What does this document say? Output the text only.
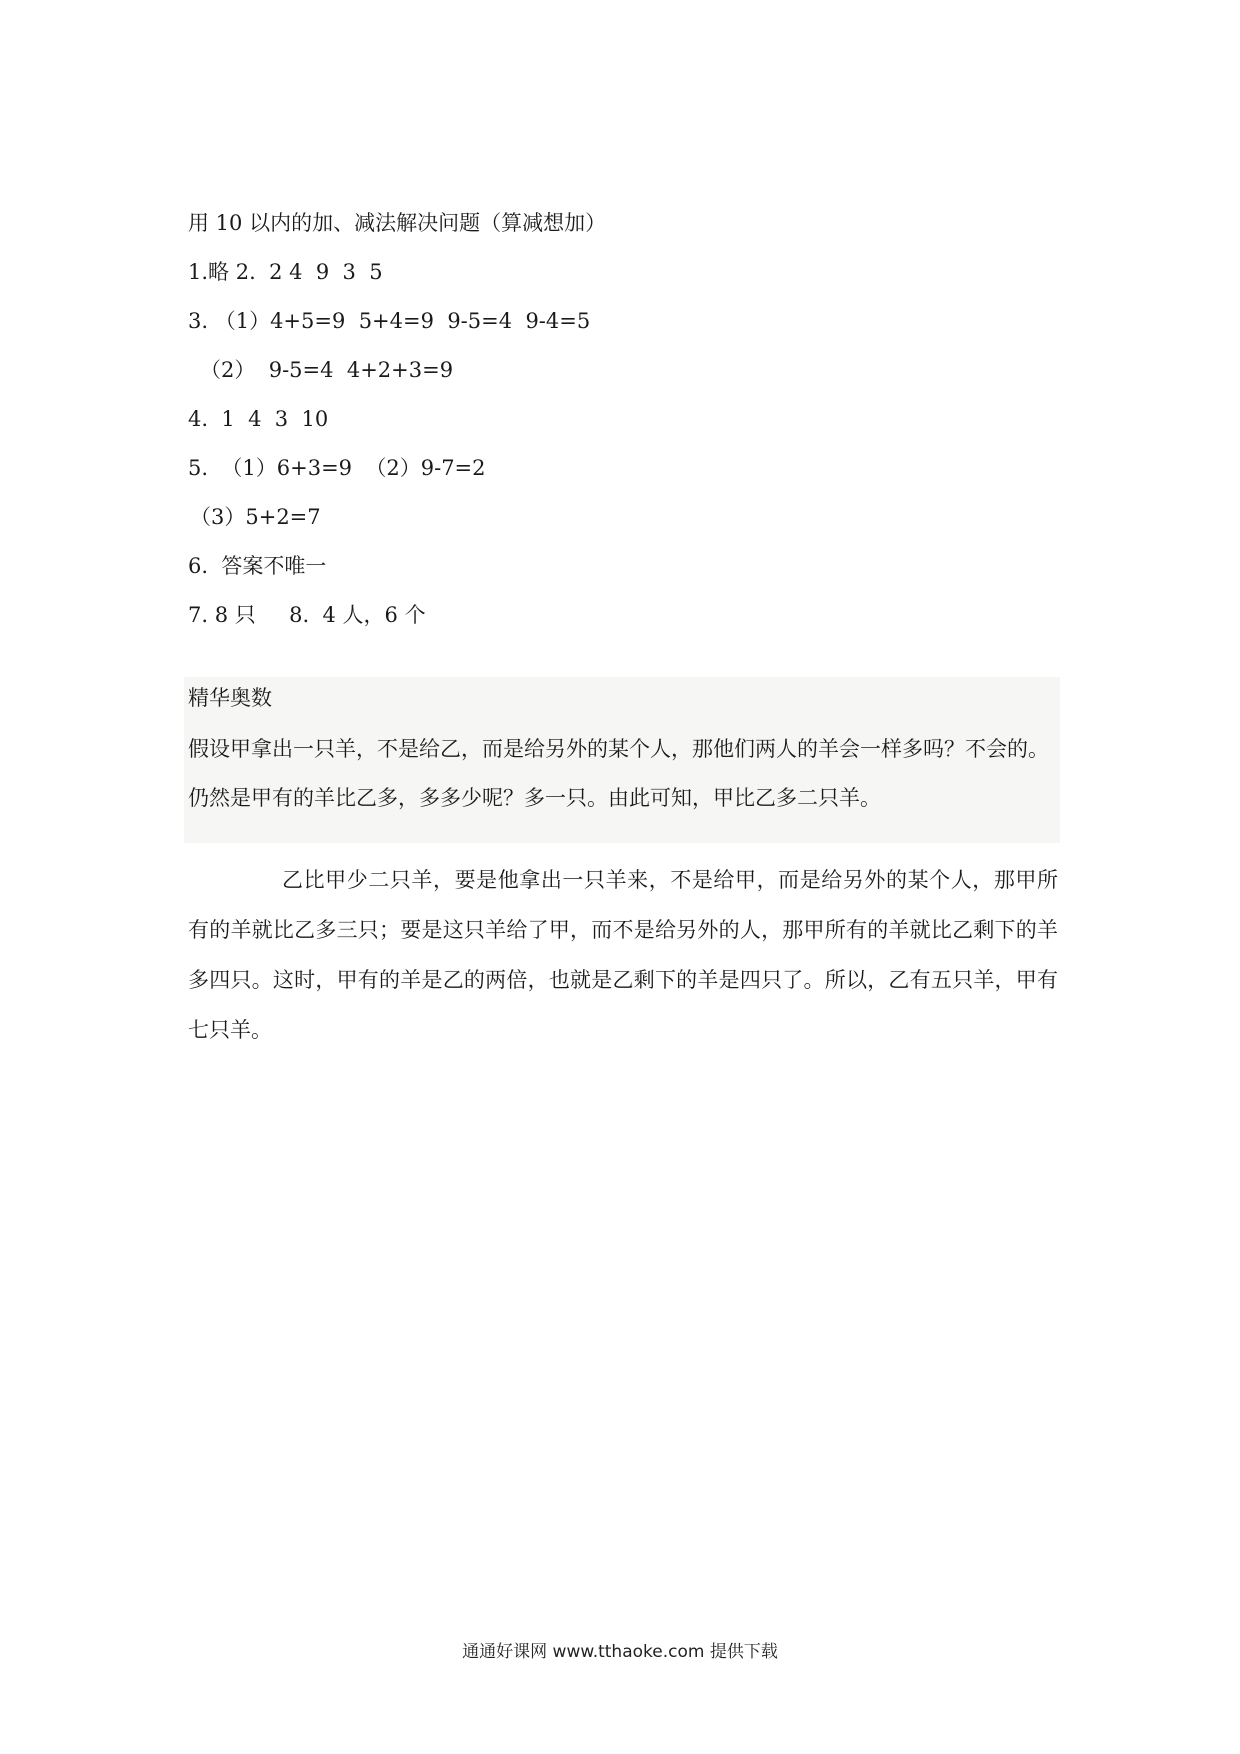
用 10 以内的加、减法解决问题（算减想加）
1.略 2.  2 4  9  3  5
3. （1）4+5=9  5+4=9  9-5=4  9-4=5
（2）  9-5=4  4+2+3=9
4.  1  4  3  10
5.  （1）6+3=9  （2）9-7=2
（3）5+2=7
6.  答案不唯一
7. 8 只     8.  4 人，6 个
精华奥数
假设甲拿出一只羊，不是给乙，而是给另外的某个人，那他们两人的羊会一样多吗？不会的。
仍然是甲有的羊比乙多，多多少呢？多一只。由此可知，甲比乙多二只羊。
乙比甲少二只羊，要是他拿出一只羊来，不是给甲，而是给另外的某个人，那甲所有的羊就比乙多三只；要是这只羊给了甲，而不是给另外的人，那甲所有的羊就比乙剩下的羊多四只。这时，甲有的羊是乙的两倍，也就是乙剩下的羊是四只了。所以，乙有五只羊，甲有七只羊。
通通好课网 www.tthaoke.com 提供下载
